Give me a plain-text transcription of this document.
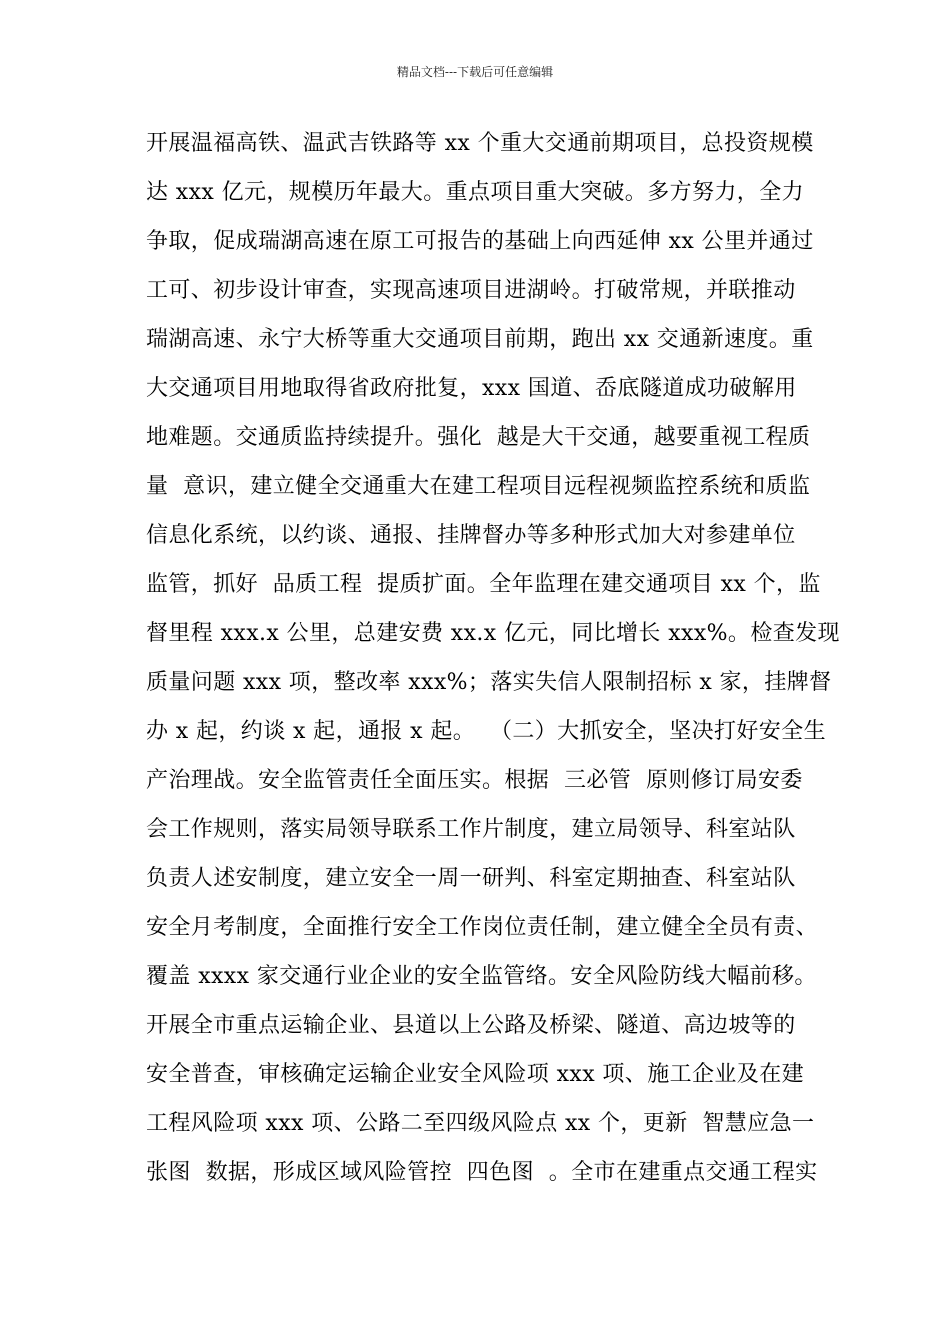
精品文档---下载后可任意编辑
开展温福高铁、温武吉铁路等 xx 个重大交通前期项目，总投资规模
达 xxx 亿元，规模历年最大。重点项目重大突破。多方努力，全力
争取，促成瑞湖高速在原工可报告的基础上向西延伸 xx 公里并通过
工可、初步设计审查，实现高速项目进湖岭。打破常规，并联推动
瑞湖高速、永宁大桥等重大交通项目前期，跑出 xx 交通新速度。重
大交通项目用地取得省政府批复，xxx 国道、岙底隧道成功破解用
地难题。交通质监持续提升。强化  越是大干交通，越要重视工程质
量  意识，建立健全交通重大在建工程项目远程视频监控系统和质监
信息化系统，以约谈、通报、挂牌督办等多种形式加大对参建单位
监管，抓好  品质工程  提质扩面。全年监理在建交通项目 xx 个，监
督里程 xxx.x 公里，总建安费 xx.x 亿元，同比增长 xxx%。检查发现
质量问题 xxx 项，整改率 xxx%；落实失信人限制招标 x 家，挂牌督
办 x 起，约谈 x 起，通报 x 起。  （二）大抓安全，坚决打好安全生
产治理战。安全监管责任全面压实。根据  三必管  原则修订局安委
会工作规则，落实局领导联系工作片制度，建立局领导、科室站队
负责人述安制度，建立安全一周一研判、科室定期抽查、科室站队
安全月考制度，全面推行安全工作岗位责任制，建立健全全员有责、
覆盖 xxxx 家交通行业企业的安全监管络。安全风险防线大幅前移。
开展全市重点运输企业、县道以上公路及桥梁、隧道、高边坡等的
安全普查，审核确定运输企业安全风险项 xxx 项、施工企业及在建
工程风险项 xxx 项、公路二至四级风险点 xx 个，更新  智慧应急一
张图  数据，形成区域风险管控  四色图  。全市在建重点交通工程实
